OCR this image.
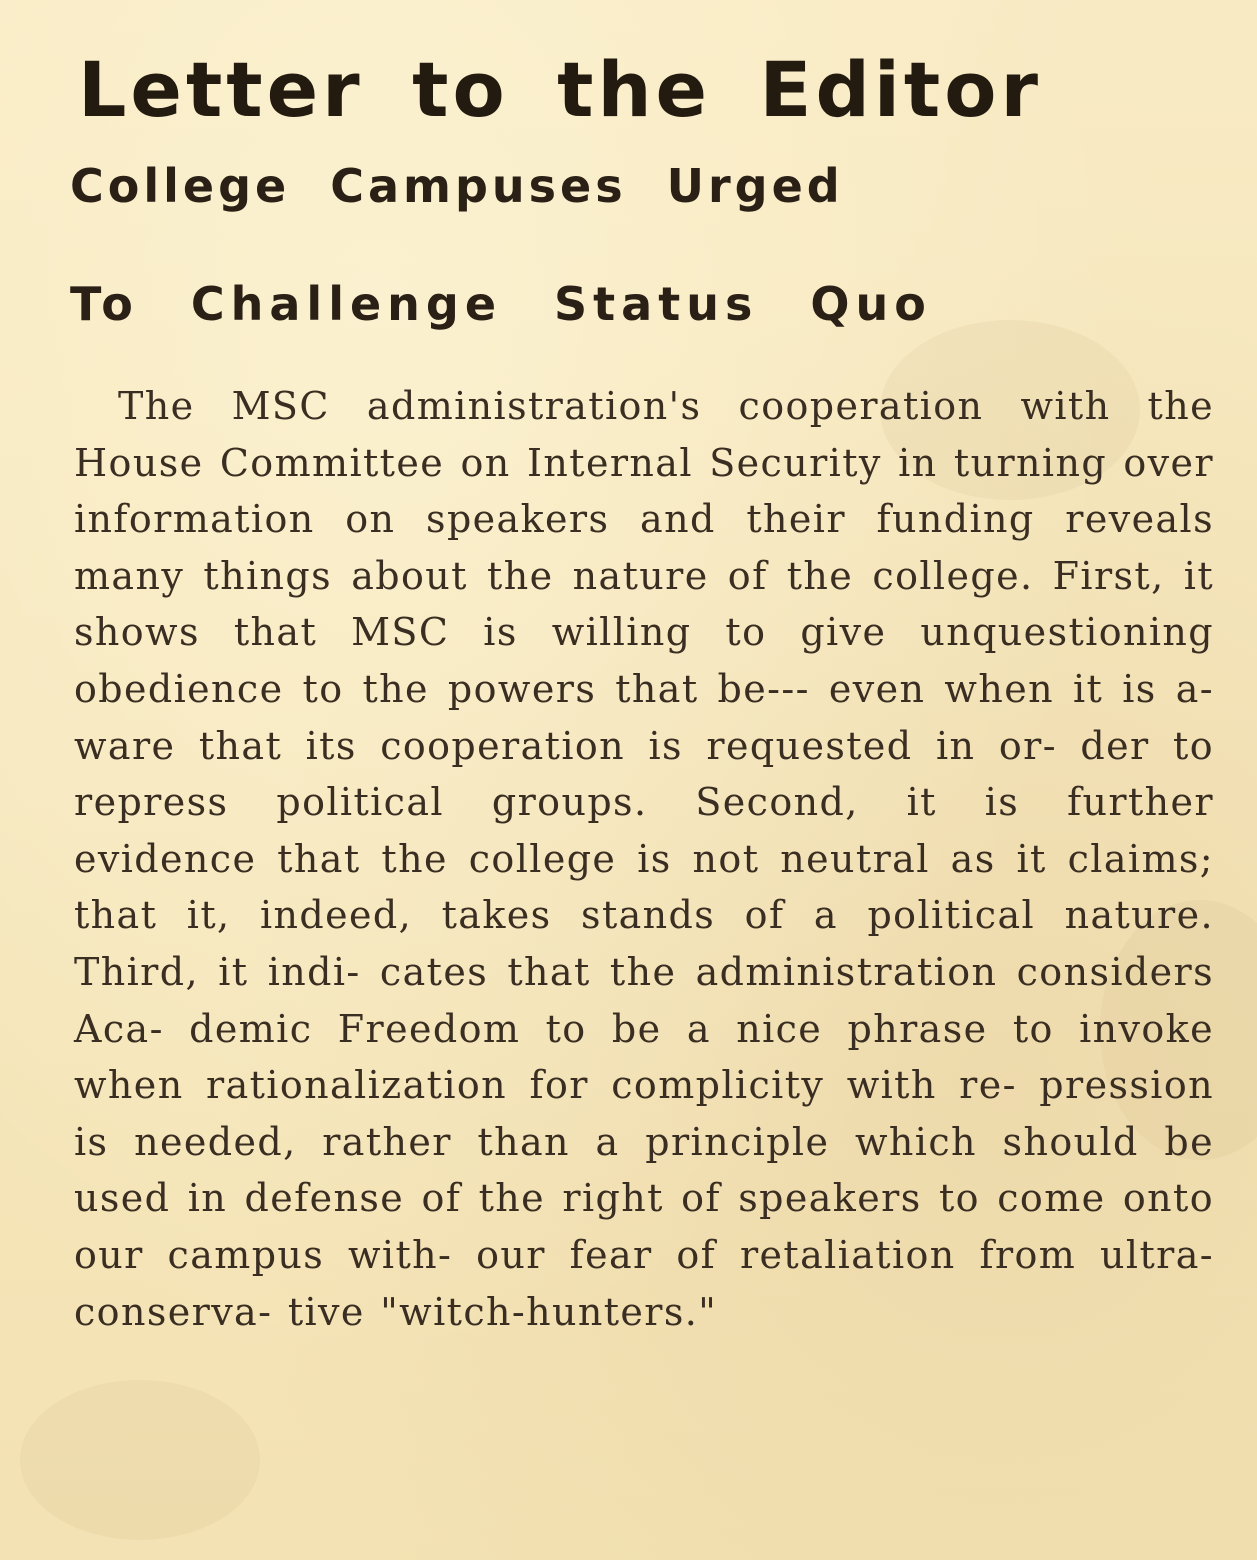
Letter to the Editor
College Campuses Urged
To Challenge Status Quo

The MSC administration's cooperation with the House Committee on Internal Security in turning over information on speakers and their funding reveals many things about the nature of the college. First, it shows that MSC is willing to give unquestioning obedience to the powers that be--- even when it is a- ware that its cooperation is requested in or- der to repress political groups. Second, it is further evidence that the college is not neutral as it claims; that it, indeed, takes stands of a political nature. Third, it indi- cates that the administration considers Aca- demic Freedom to be a nice phrase to invoke when rationalization for complicity with re- pression is needed, rather than a principle which should be used in defense of the right of speakers to come onto our campus with- our fear of retaliation from ultra-conserva- tive "witch-hunters."
